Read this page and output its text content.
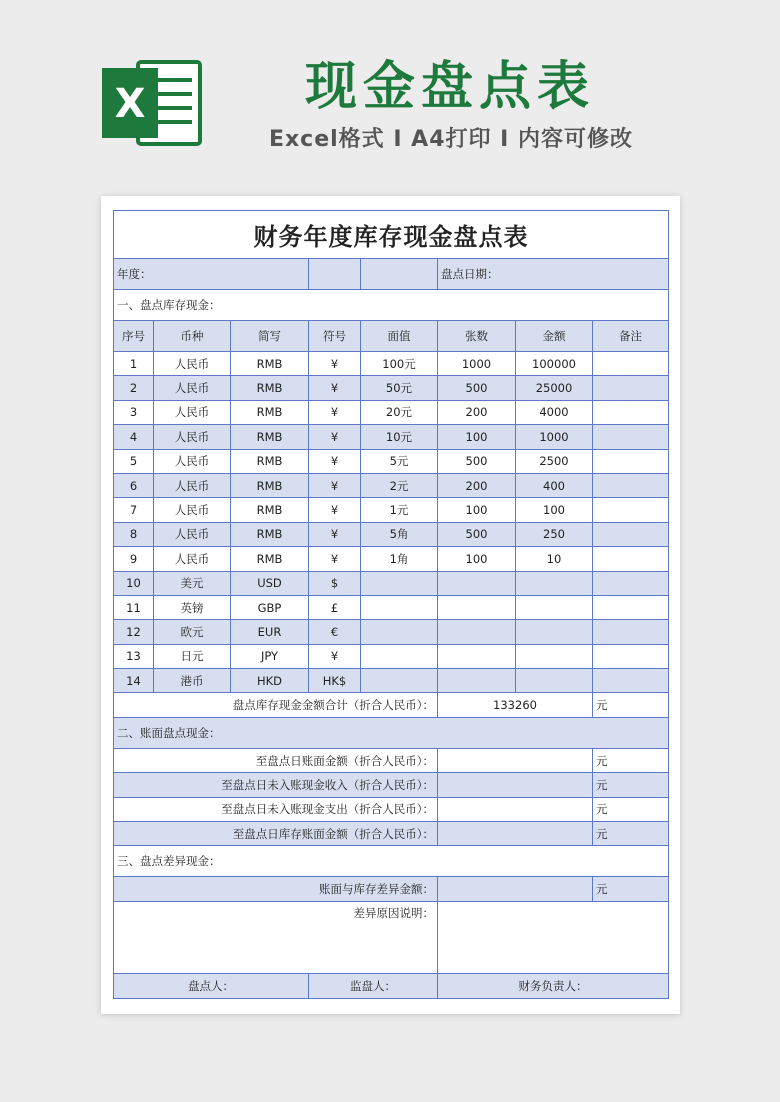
X	现金盘点表
Excel格式 I A4打印 I 内容可修改
财务年度库存现金盘点表							
年度：					盘点日期：		
一、盘点库存现金：							
序号	币种	简写	符号	面值	张数	金额	备注
1	人民币	RMB	¥	100元	1000	100000	
2	人民币	RMB	¥	50元	500	25000	
3	人民币	RMB	¥	20元	200	4000	
4	人民币	RMB	¥	10元	100	1000	
5	人民币	RMB	¥	5元	500	2500	
6	人民币	RMB	¥	2元	200	400	
7	人民币	RMB	¥	1元	100	100	
8	人民币	RMB	¥	5角	500	250	
9	人民币	RMB	¥	1角	100	10	
10	美元	USD	$				
11	英镑	GBP	£				
12	欧元	EUR	€				
13	日元	JPY	¥				
14	港币	HKD	HK$				
盘点库存现金金额合计（折合人民币）：					133260		元
二、账面盘点现金：							
至盘点日账面金额（折合人民币）：							元
至盘点日未入账现金收入（折合人民币）：							元
至盘点日未入账现金支出（折合人民币）：							元
至盘点日库存账面金额（折合人民币）：							元
三、盘点差异现金：							
账面与库存差异金额：							元
差异原因说明：							
盘点人：			监盘人：		财务负责人：		
